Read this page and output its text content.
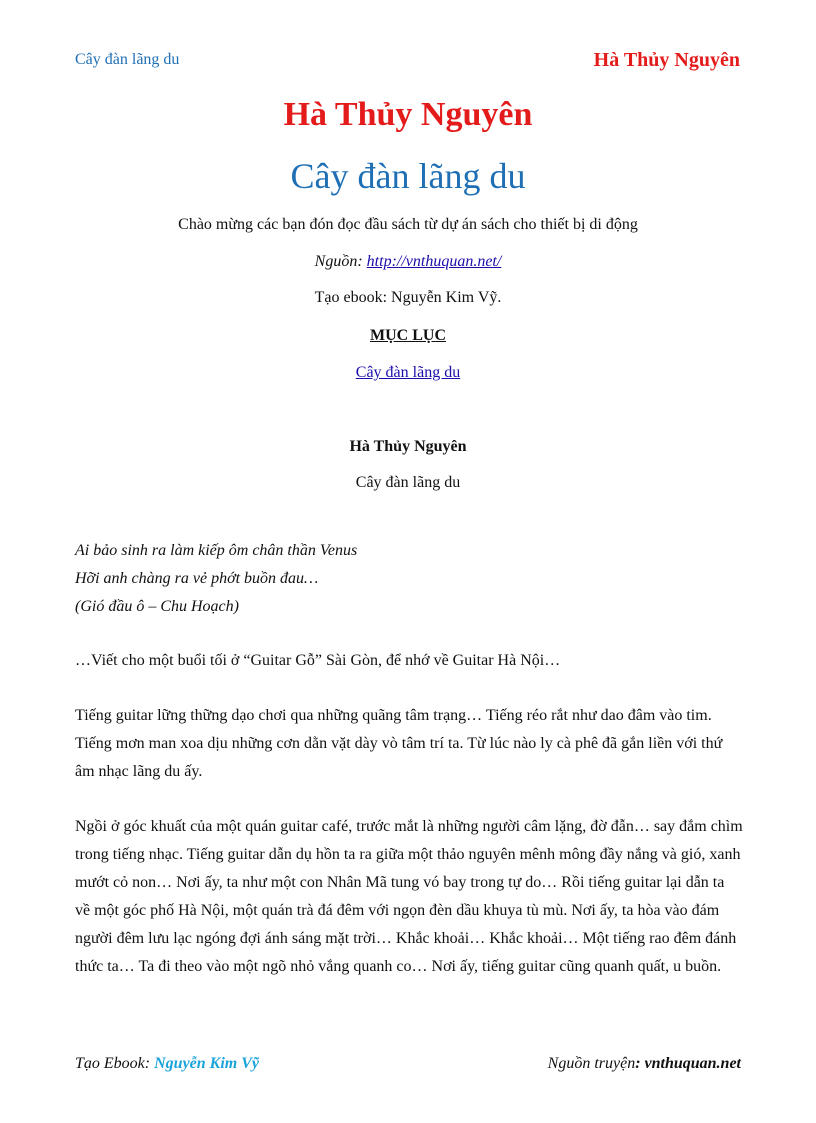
Cây đàn lãng du	Hà Thủy Nguyên
Hà Thủy Nguyên
Cây đàn lãng du
Chào mừng các bạn đón đọc đầu sách từ dự án sách cho thiết bị di động
Nguồn: http://vnthuquan.net/
Tạo ebook: Nguyễn Kim Vỹ.
MỤC LỤC
Cây đàn lãng du
Hà Thủy Nguyên
Cây đàn lãng du
Ai bảo sinh ra làm kiếp ôm chân thần Venus
Hỡi anh chàng ra vẻ phớt buồn đau…
(Gió đầu ô – Chu Hoạch)

…Viết cho một buổi tối ở “Guitar Gỗ” Sài Gòn, để nhớ về Guitar Hà Nội…

Tiếng guitar lững thững dạo chơi qua những quãng tâm trạng… Tiếng réo rắt như dao đâm vào tim. Tiếng mơn man xoa dịu những cơn dằn vặt dày vò tâm trí ta. Từ lúc nào ly cà phê đã gắn liền với thứ âm nhạc lãng du ấy.

Ngồi ở góc khuất của một quán guitar café, trước mắt là những người câm lặng, đờ đẫn… say đắm chìm trong tiếng nhạc. Tiếng guitar dẫn dụ hồn ta ra giữa một thảo nguyên mênh mông đầy nắng và gió, xanh mướt cỏ non… Nơi ấy, ta như một con Nhân Mã tung vó bay trong tự do… Rồi tiếng guitar lại dẫn ta về một góc phố Hà Nội, một quán trà đá đêm với ngọn đèn dầu khuya tù mù. Nơi ấy, ta hòa vào đám người đêm lưu lạc ngóng đợi ánh sáng mặt trời… Khắc khoải… Khắc khoải… Một tiếng rao đêm đánh thức ta… Ta đi theo vào một ngõ nhỏ vắng quanh co… Nơi ấy, tiếng guitar cũng quanh quất, u buồn.

Tạo Ebook: Nguyễn Kim Vỹ	Nguồn truyện: vnthuquan.net
